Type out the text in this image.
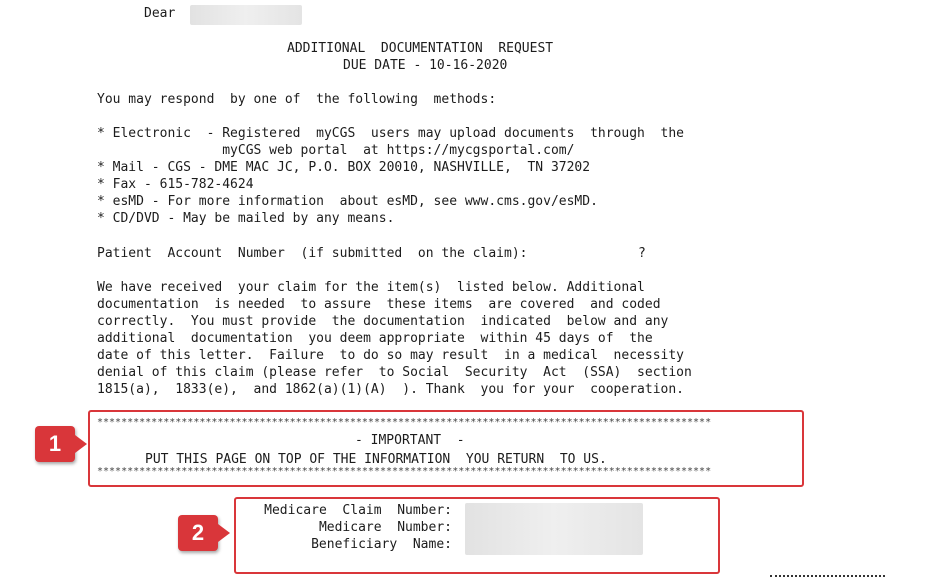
Dear
ADDITIONAL  DOCUMENTATION  REQUEST
DUE DATE - 10-16-2020
You may respond  by one of  the following  methods:
* Electronic  - Registered  myCGS  users may upload documents  through  the
myCGS web portal  at https://mycgsportal.com/
* Mail - CGS - DME MAC JC, P.O. BOX 20010, NASHVILLE,  TN 37202
* Fax - 615-782-4624
* esMD - For more information  about esMD, see www.cms.gov/esMD.
* CD/DVD - May be mailed by any means.
Patient  Account  Number  (if submitted  on the claim):	?
We have received  your claim for the item(s)  listed below. Additional
documentation  is needed  to assure  these items  are covered  and coded
correctly.  You must provide  the documentation  indicated  below and any
additional  documentation  you deem appropriate  within 45 days of  the
date of this letter.  Failure  to do so may result  in a medical  necessity
denial of this claim (please refer  to Social  Security  Act  (SSA)  section
1815(a),  1833(e),  and 1862(a)(1)(A)  ). Thank  you for your  cooperation.
******************************************************************************************************
- IMPORTANT  -
PUT THIS PAGE ON TOP OF THE INFORMATION  YOU RETURN  TO US.
******************************************************************************************************
1
Medicare  Claim  Number:
Medicare  Number:
Beneficiary  Name:
2
